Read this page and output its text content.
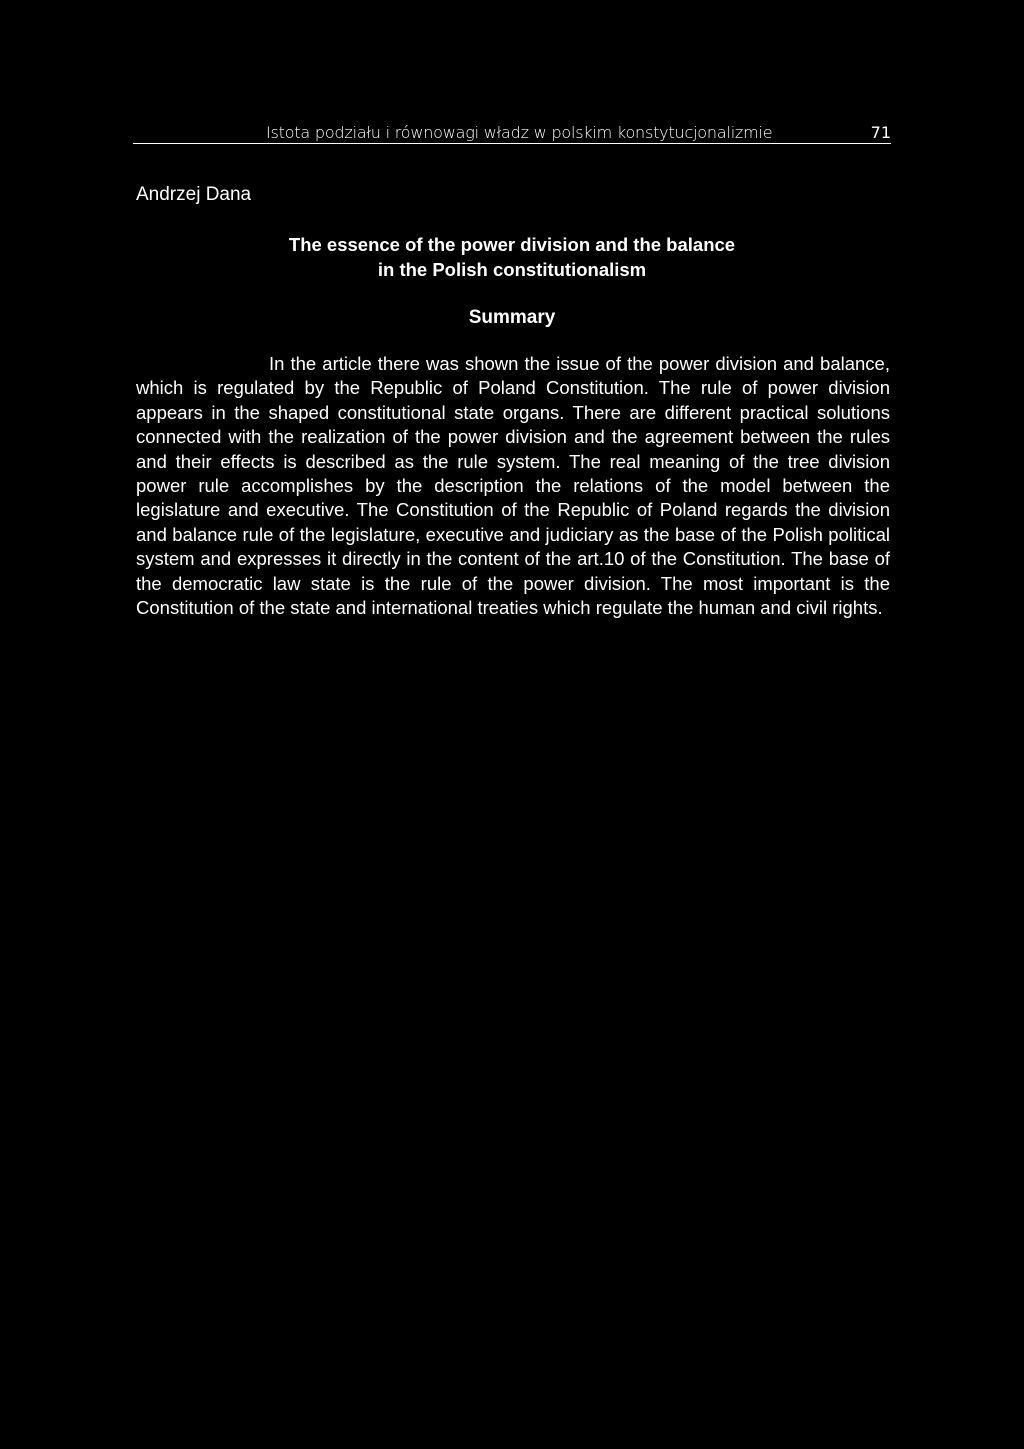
Istota podziału i równowagi władz w polskim konstytucjonalizmie	71
Andrzej Dana
The essence of the power division and the balance
in the Polish constitutionalism
Summary

In the article there was shown the issue of the power division and balance, which is regulated by the Republic of Poland Constitution. The rule of power division appears in the shaped constitutional state organs. There are different practical solutions connected with the realization of the power division and the agreement between the rules and their effects is described as the rule system. The real meaning of the tree division power rule accomplishes by the description the relations of the model between the legislature and executive. The Constitution of the Republic of Poland regards the division and balance rule of the legislature, executive and judiciary as the base of the Polish political system and expresses it directly in the content of the art.10 of the Constitution. The base of the democratic law state is the rule of the power division. The most important is the Constitution of the state and international treaties which regulate the human and civil rights.
